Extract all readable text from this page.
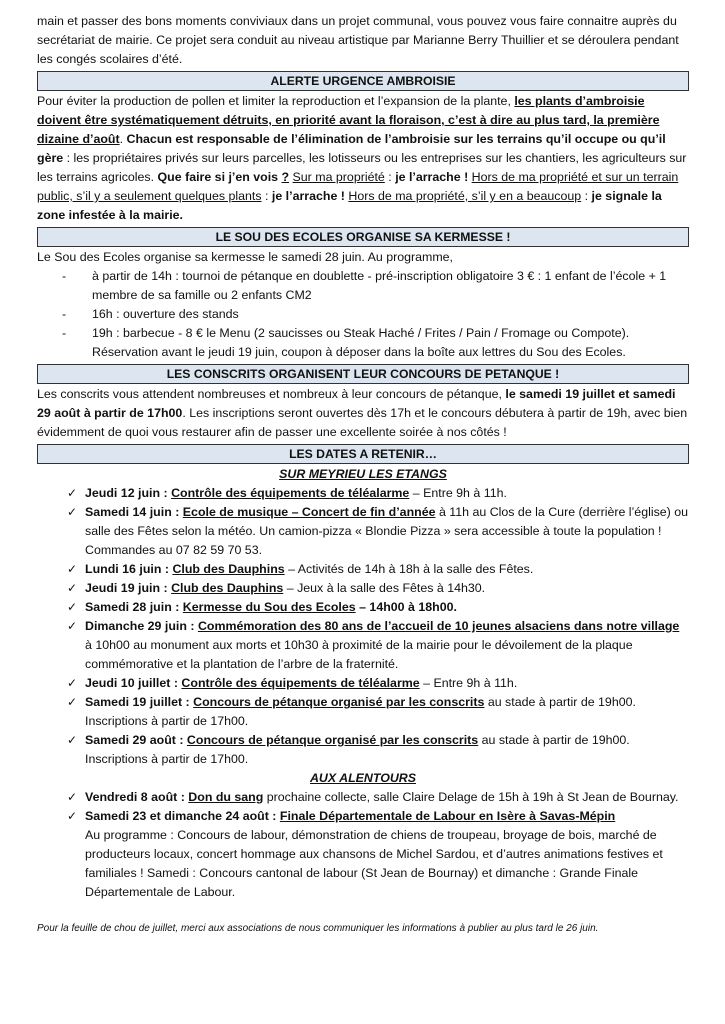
main et passer des bons moments conviviaux dans un projet communal, vous pouvez vous faire connaitre auprès du
secrétariat de mairie. Ce projet sera conduit au niveau artistique par Marianne Berry Thuillier et se déroulera pendant
les congés scolaires d’été.

ALERTE URGENCE AMBROISIE

Pour éviter la production de pollen et limiter la reproduction et l’expansion de la plante, les plants d’ambroisie doivent être systématiquement détruits, en priorité avant la floraison, c’est à dire au plus tard, la première dizaine d’août. Chacun est responsable de l’élimination de l’ambroisie sur les terrains qu’il occupe ou qu’il gère : les propriétaires privés sur leurs parcelles, les lotisseurs ou les entreprises sur les chantiers, les agriculteurs sur les terrains agricoles. Que faire si j’en vois ? Sur ma propriété : je l’arrache ! Hors de ma propriété et sur un terrain public, s’il y a seulement quelques plants : je l’arrache ! Hors de ma propriété, s’il y en a beaucoup : je signale la zone infestée à la mairie.

LE SOU DES ECOLES ORGANISE SA KERMESSE !

Le Sou des Ecoles organise sa kermesse le samedi 28 juin. Au programme,

-	à partir de 14h : tournoi de pétanque en doublette - pré-inscription obligatoire 3 € : 1 enfant de l’école + 1 membre de sa famille ou 2 enfants CM2
-	16h : ouverture des stands
-	19h : barbecue - 8 € le Menu (2 saucisses ou Steak Haché / Frites / Pain / Fromage ou Compote). Réservation avant le jeudi 19 juin, coupon à déposer dans la boîte aux lettres du Sou des Ecoles.
LES CONSCRITS ORGANISENT LEUR CONCOURS DE PETANQUE !

Les conscrits vous attendent nombreuses et nombreux à leur concours de pétanque, le samedi 19 juillet et samedi 29 août à partir de 17h00. Les inscriptions seront ouvertes dès 17h et le concours débutera à partir de 19h, avec bien évidemment de quoi vous restaurer afin de passer une excellente soirée à nos côtés !

LES DATES A RETENIR…

SUR MEYRIEU LES ETANGS

✓ Jeudi 12 juin : Contrôle des équipements de téléalarme – Entre 9h à 11h.
✓ Samedi 14 juin : Ecole de musique – Concert de fin d’année à 11h au Clos de la Cure (derrière l’église) ou salle des Fêtes selon la météo. Un camion-pizza « Blondie Pizza » sera accessible à toute la population ! Commandes au 07 82 59 70 53.
✓ Lundi 16 juin : Club des Dauphins – Activités de 14h à 18h à la salle des Fêtes.
✓ Jeudi 19 juin : Club des Dauphins – Jeux à la salle des Fêtes à 14h30.
✓ Samedi 28 juin : Kermesse du Sou des Ecoles – 14h00 à 18h00.
✓ Dimanche 29 juin : Commémoration des 80 ans de l’accueil de 10 jeunes alsaciens dans notre village à 10h00 au monument aux morts et 10h30 à proximité de la mairie pour le dévoilement de la plaque commémorative et la plantation de l’arbre de la fraternité.
✓ Jeudi 10 juillet : Contrôle des équipements de téléalarme – Entre 9h à 11h.
✓ Samedi 19 juillet : Concours de pétanque organisé par les conscrits au stade à partir de 19h00. Inscriptions à partir de 17h00.
✓ Samedi 29 août : Concours de pétanque organisé par les conscrits au stade à partir de 19h00. Inscriptions à partir de 17h00.

AUX ALENTOURS

✓ Vendredi 8 août : Don du sang prochaine collecte, salle Claire Delage de 15h à 19h à St Jean de Bournay.
✓ Samedi 23 et dimanche 24 août : Finale Départementale de Labour en Isère à Savas-Mépin
Au programme : Concours de labour, démonstration de chiens de troupeau, broyage de bois, marché de producteurs locaux, concert hommage aux chansons de Michel Sardou, et d’autres animations festives et familiales ! Samedi : Concours cantonal de labour (St Jean de Bournay) et dimanche : Grande Finale Départementale de Labour.

Pour la feuille de chou de juillet, merci aux associations de nous communiquer les informations à publier au plus tard le 26 juin.
